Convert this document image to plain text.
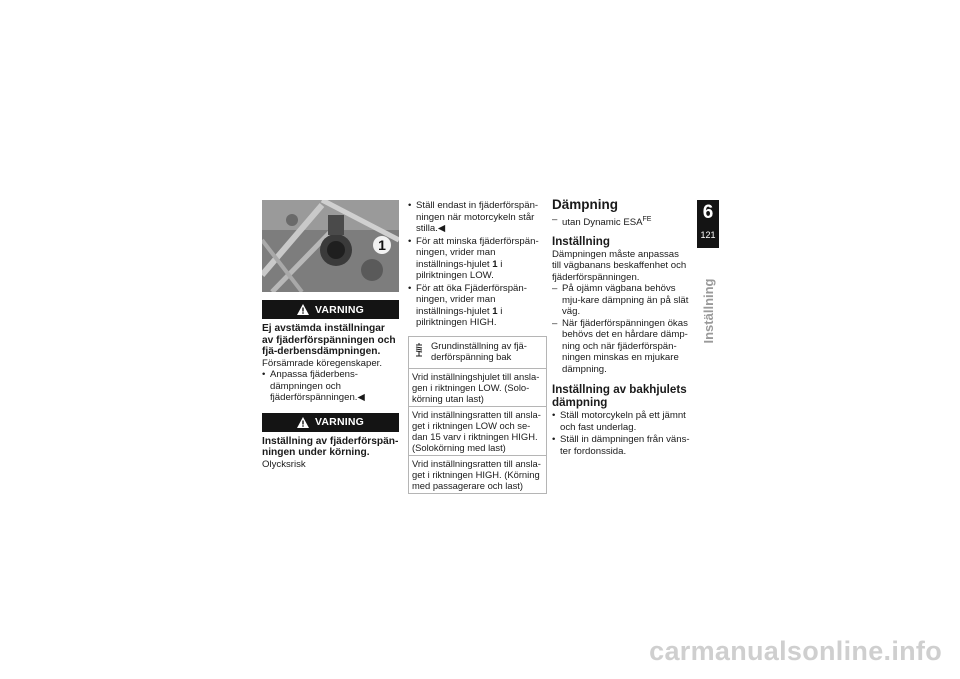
1
VARNING
Ej avstämda inställningar av fjäderförspänningen och fjä-derbensdämpningen.
Försämrade köregenskaper.
• Anpassa fjäderbens-dämpningen och fjäderförspänningen.◀
VARNING
Inställning av fjäderförspän-ningen under körning.
Olycksrisk
• Ställ endast in fjäderförspän-ningen när motorcykeln står stilla.◀
• För att minska fjäderförspän-ningen, vrider man inställnings-hjulet 1 i pilriktningen LOW.
• För att öka Fjäderförspän-ningen, vrider man inställnings-hjulet 1 i pilriktningen HIGH.
Grundinställning av fjä-derförspänning bak
Vrid inställningshjulet till ansla-gen i riktningen LOW. (Solo-körning utan last)
Vrid inställningsratten till ansla-get i riktningen LOW och se-dan 15 varv i riktningen HIGH. (Solokörning med last)
Vrid inställningsratten till ansla-get i riktningen HIGH. (Körning med passagerare och last)
Dämpning
– utan Dynamic $ESA^{FE}$
Inställning
Dämpningen måste anpassas till vägbanans beskaffenhet och fjäderförspänningen.
– På ojämn vägbana behövs mju-kare dämpning än på slät väg.
– När fjäderförspänningen ökas behövs det en hårdare dämp-ning och när fjäderförspän-ningen minskas en mjukare dämpning.
Inställning av bakhjulets dämpning
• Ställ motorcykeln på ett jämnt och fast underlag.
• Ställ in dämpningen från väns-ter fordonssida.
6
121
Inställning
carmanualsonline.info
